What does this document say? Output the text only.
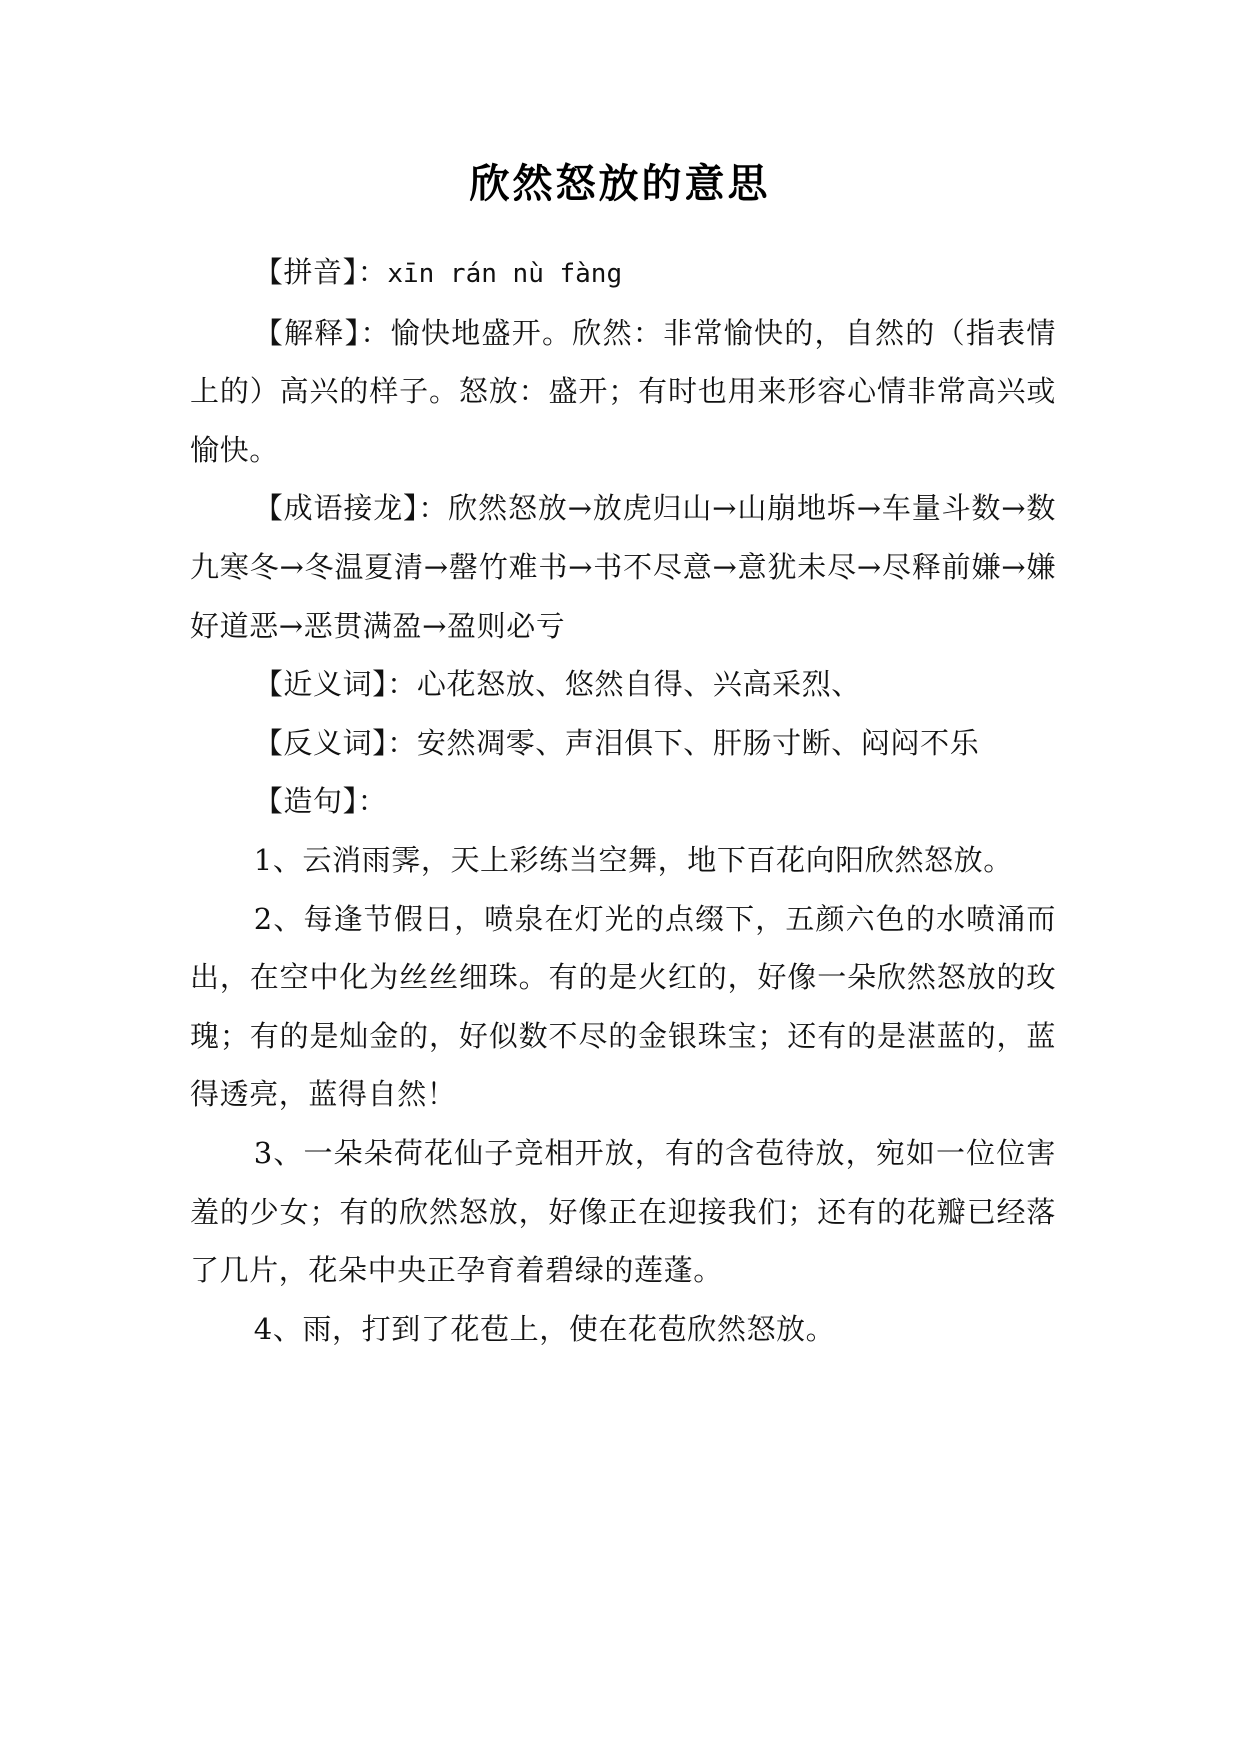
欣然怒放的意思

【拼音】：xīn rán nù fàng

【解释】：愉快地盛开。欣然：非常愉快的，自然的（指表情上的）高兴的样子。怒放：盛开；有时也用来形容心情非常高兴或愉快。

【成语接龙】：欣然怒放→放虎归山→山崩地坼→车量斗数→数九寒冬→冬温夏清→罄竹难书→书不尽意→意犹未尽→尽释前嫌→嫌好道恶→恶贯满盈→盈则必亏

【近义词】：心花怒放、悠然自得、兴高采烈、

【反义词】：安然凋零、声泪俱下、肝肠寸断、闷闷不乐

【造句】：

1、云消雨霁，天上彩练当空舞，地下百花向阳欣然怒放。

2、每逢节假日，喷泉在灯光的点缀下，五颜六色的水喷涌而出，在空中化为丝丝细珠。有的是火红的，好像一朵欣然怒放的玫瑰；有的是灿金的，好似数不尽的金银珠宝；还有的是湛蓝的，蓝得透亮，蓝得自然！

3、一朵朵荷花仙子竞相开放，有的含苞待放，宛如一位位害羞的少女；有的欣然怒放，好像正在迎接我们；还有的花瓣已经落了几片，花朵中央正孕育着碧绿的莲蓬。

4、雨，打到了花苞上，使在花苞欣然怒放。
